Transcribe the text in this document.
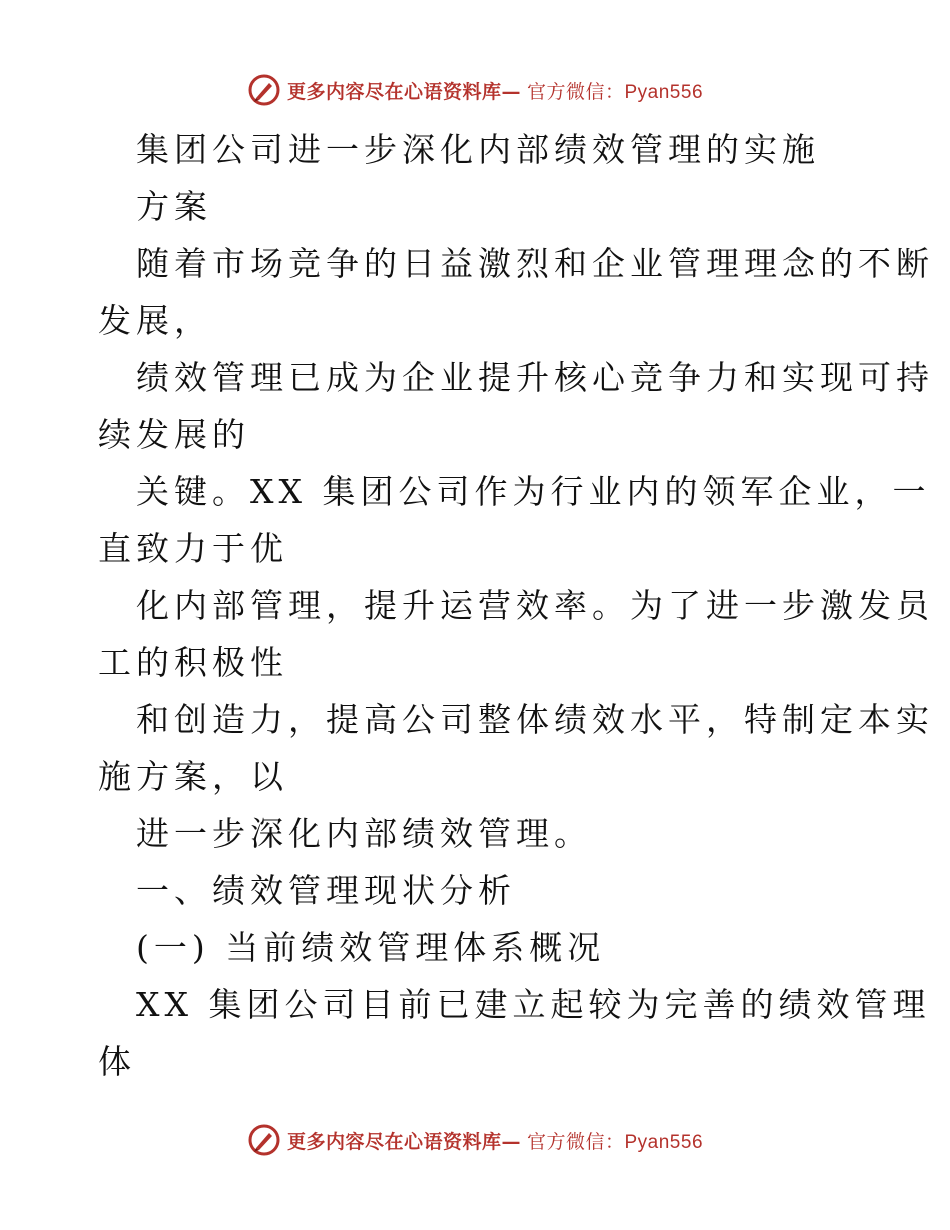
更多内容尽在心语资料库— 官方微信：Pyan556
集团公司进一步深化内部绩效管理的实施
方案
随着市场竞争的日益激烈和企业管理理念的不断
发展，
绩效管理已成为企业提升核心竞争力和实现可持
续发展的
关键。XX 集团公司作为行业内的领军企业，一
直致力于优
化内部管理，提升运营效率。为了进一步激发员
工的积极性
和创造力，提高公司整体绩效水平，特制定本实
施方案，以
进一步深化内部绩效管理。
一、绩效管理现状分析
(一) 当前绩效管理体系概况
XX 集团公司目前已建立起较为完善的绩效管理
体
更多内容尽在心语资料库— 官方微信：Pyan556
